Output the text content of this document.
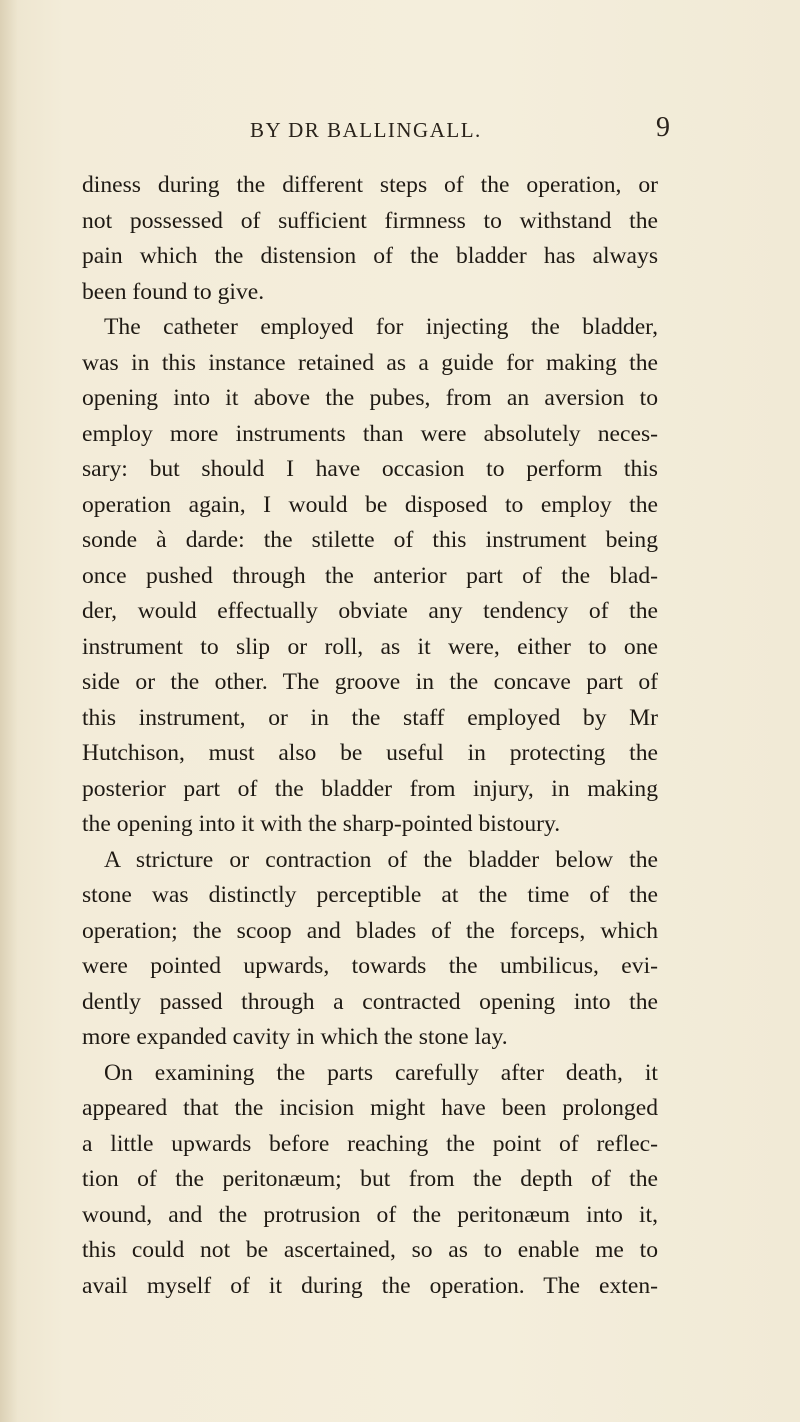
BY DR BALLINGALL.	9
diness during the different steps of the operation, or
not possessed of sufficient firmness to withstand the
pain which the distension of the bladder has always
been found to give.
The catheter employed for injecting the bladder,
was in this instance retained as a guide for making the
opening into it above the pubes, from an aversion to
employ more instruments than were absolutely neces-
sary: but should I have occasion to perform this
operation again, I would be disposed to employ the
sonde à darde: the stilette of this instrument being
once pushed through the anterior part of the blad-
der, would effectually obviate any tendency of the
instrument to slip or roll, as it were, either to one
side or the other. The groove in the concave part of
this instrument, or in the staff employed by Mr
Hutchison, must also be useful in protecting the
posterior part of the bladder from injury, in making
the opening into it with the sharp-pointed bistoury.
A stricture or contraction of the bladder below the
stone was distinctly perceptible at the time of the
operation; the scoop and blades of the forceps, which
were pointed upwards, towards the umbilicus, evi-
dently passed through a contracted opening into the
more expanded cavity in which the stone lay.
On examining the parts carefully after death, it
appeared that the incision might have been prolonged
a little upwards before reaching the point of reflec-
tion of the peritonæum; but from the depth of the
wound, and the protrusion of the peritonæum into it,
this could not be ascertained, so as to enable me to
avail myself of it during the operation. The exten-
